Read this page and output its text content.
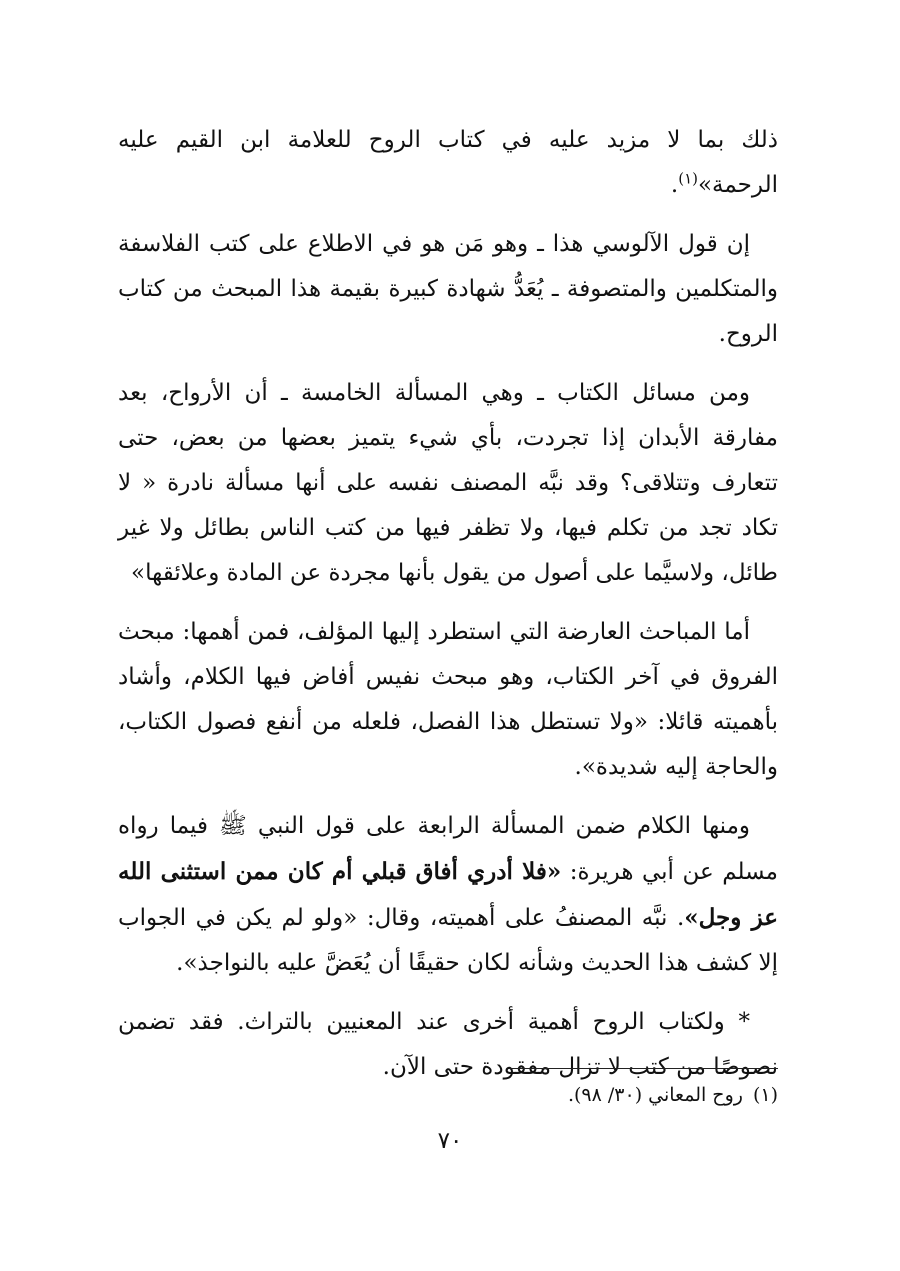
ذلك بما لا مزيد عليه في كتاب الروح للعلامة ابن القيم عليه الرحمة»$^{(١)}$.

إن قول الآلوسي هذا ـ وهو مَن هو في الاطلاع على كتب الفلاسفة والمتكلمين والمتصوفة ـ يُعَدُّ شهادة كبيرة بقيمة هذا المبحث من كتاب الروح.

ومن مسائل الكتاب ـ وهي المسألة الخامسة ـ أن الأرواح، بعد مفارقة الأبدان إذا تجردت، بأي شيء يتميز بعضها من بعض، حتى تتعارف وتتلاقى؟ وقد نبَّه المصنف نفسه على أنها مسألة نادرة « لا تكاد تجد من تكلم فيها، ولا تظفر فيها من كتب الناس بطائل ولا غير طائل، ولاسيَّما على أصول من يقول بأنها مجردة عن المادة وعلائقها»

أما المباحث العارضة التي استطرد إليها المؤلف، فمن أهمها: مبحث الفروق في آخر الكتاب، وهو مبحث نفيس أفاض فيها الكلام، وأشاد بأهميته قائلا: «ولا تستطل هذا الفصل، فلعله من أنفع فصول الكتاب، والحاجة إليه شديدة».

ومنها الكلام ضمن المسألة الرابعة على قول النبي ﷺ فيما رواه مسلم عن أبي هريرة: «فلا أدري أفاق قبلي أم كان ممن استثنى الله عز وجل». نبَّه المصنفُ على أهميته، وقال: «ولو لم يكن في الجواب إلا كشف هذا الحديث وشأنه لكان حقيقًا أن يُعَضَّ عليه بالنواجذ».

* ولكتاب الروح أهمية أخرى عند المعنيين بالتراث. فقد تضمن نصوصًا من كتب لا تزال مفقودة حتى الآن.

(١)روح المعاني (٣٠/ ٩٨).

٧٠
